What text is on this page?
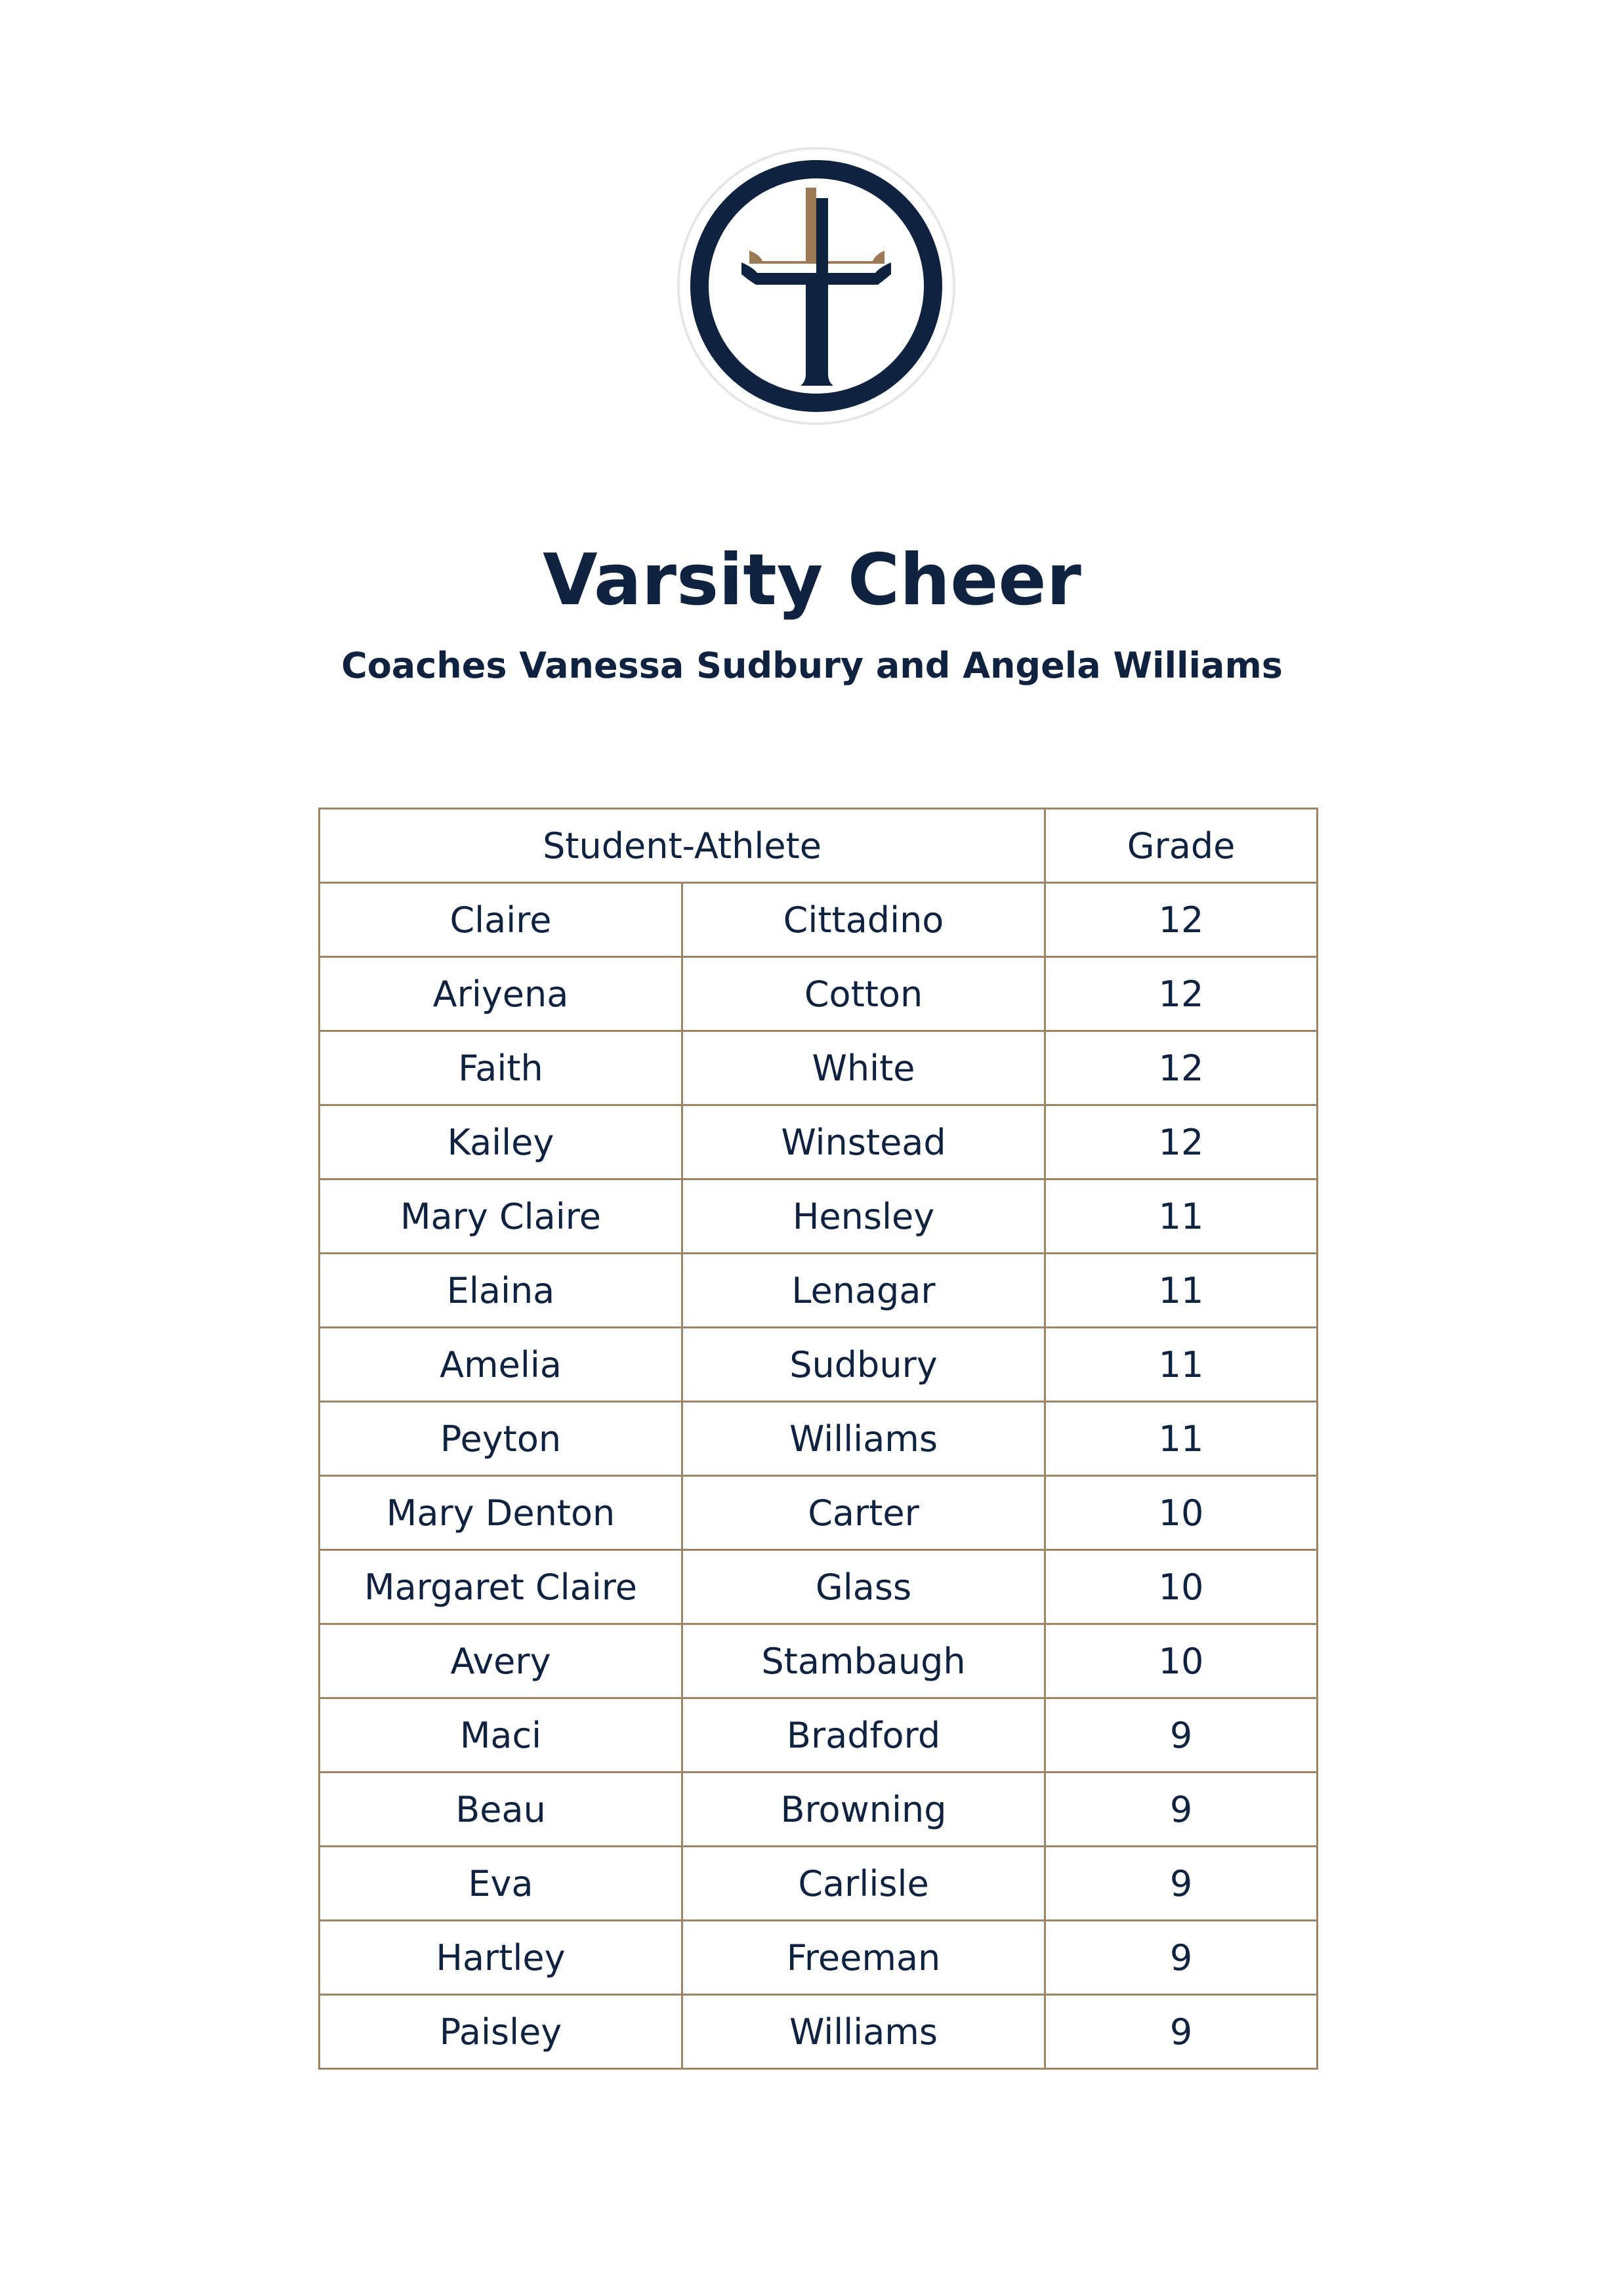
Varsity Cheer
Coaches Vanessa Sudbury and Angela Williams
Student-Athlete		Grade
Claire	Cittadino	12
Ariyena	Cotton	12
Faith	White	12
Kailey	Winstead	12
Mary Claire	Hensley	11
Elaina	Lenagar	11
Amelia	Sudbury	11
Peyton	Williams	11
Mary Denton	Carter	10
Margaret Claire	Glass	10
Avery	Stambaugh	10
Maci	Bradford	9
Beau	Browning	9
Eva	Carlisle	9
Hartley	Freeman	9
Paisley	Williams	9
